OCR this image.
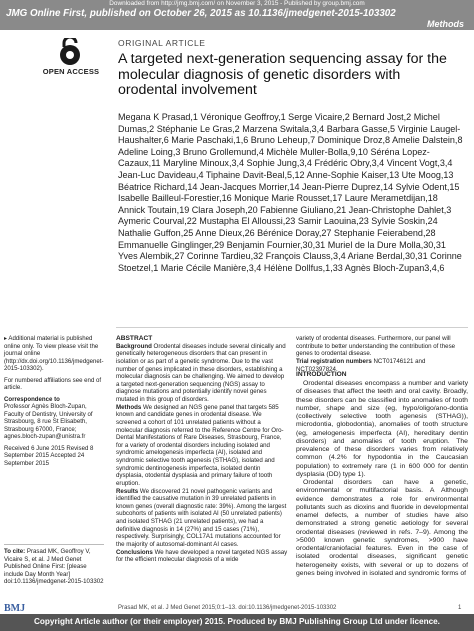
Downloaded from http://jmg.bmj.com/ on November 3, 2015 - Published by group.bmj.com
JMG Online First, published on October 26, 2015 as 10.1136/jmedgenet-2015-103302
Methods
OPEN ACCESS
ORIGINAL ARTICLE
A targeted next-generation sequencing assay for the molecular diagnosis of genetic disorders with orodental involvement
Megana K Prasad,1 Véronique Geoffroy,1 Serge Vicaire,2 Bernard Jost,2 Michel Dumas,2 Stéphanie Le Gras,2 Marzena Switala,3,4 Barbara Gasse,5 Virginie Laugel-Haushalter,6 Marie Paschaki,1,6 Bruno Leheup,7 Dominique Droz,8 Amelie Dalstein,8 Adeline Loing,3 Bruno Grollemund,4 Michèle Muller-Bolla,9,10 Séréna Lopez-Cazaux,11 Maryline Minoux,3,4 Sophie Jung,3,4 Frédéric Obry,3,4 Vincent Vogt,3,4 Jean-Luc Davideau,4 Tiphaine Davit-Beal,5,12 Anne-Sophie Kaiser,13 Ute Moog,13 Béatrice Richard,14 Jean-Jacques Morrier,14 Jean-Pierre Duprez,14 Sylvie Odent,15 Isabelle Bailleul-Forestier,16 Monique Marie Rousset,17 Laure Merametdijan,18 Annick Toutain,19 Clara Joseph,20 Fabienne Giuliano,21 Jean-Christophe Dahlet,3 Aymeric Courval,22 Mustapha El Alloussi,23 Samir Laouina,23 Sylvie Soskin,24 Nathalie Guffon,25 Anne Dieux,26 Bérénice Doray,27 Stephanie Feierabend,28 Emmanuelle Ginglinger,29 Benjamin Fournier,30,31 Muriel de la Dure Molla,30,31 Yves Alembik,27 Corinne Tardieu,32 François Clauss,3,4 Ariane Berdal,30,31 Corinne Stoetzel,1 Marie Cécile Manière,3,4 Hélène Dollfus,1,33 Agnès Bloch-Zupan3,4,6

▸ Additional material is published online only. To view please visit the journal online (http://dx.doi.org/10.1136/jmedgenet-2015-103302).

For numbered affiliations see end of article.

Correspondence to

Professor Agnès Bloch-Zupan, Faculty of Dentistry, University of Strasbourg, 8 rue St Elisabeth, Strasbourg 67000, France; agnes.bloch-zupan@unistra.fr

Received 6 June 2015 Revised 8 September 2015 Accepted 24 September 2015

To cite: Prasad MK, Geoffroy V, Vicaire S, et al. J Med Genet Published Online First: [please include Day Month Year] doi:10.1136/jmedgenet-2015-103302
ABSTRACT
Background Orodental diseases include several clinically and genetically heterogeneous disorders that can present in isolation or as part of a genetic syndrome. Due to the vast number of genes implicated in these disorders, establishing a molecular diagnosis can be challenging. We aimed to develop a targeted next-generation sequencing (NGS) assay to diagnose mutations and potentially identify novel genes mutated in this group of disorders.
Methods We designed an NGS gene panel that targets 585 known and candidate genes in orodental disease. We screened a cohort of 101 unrelated patients without a molecular diagnosis referred to the Reference Centre for Oro-Dental Manifestations of Rare Diseases, Strasbourg, France, for a variety of orodental disorders including isolated and syndromic amelogenesis imperfecta (AI), isolated and syndromic selective tooth agenesis (STHAG), isolated and syndromic dentinogenesis imperfecta, isolated dentin dysplasia, otodental dysplasia and primary failure of tooth eruption.
Results We discovered 21 novel pathogenic variants and identified the causative mutation in 39 unrelated patients in known genes (overall diagnostic rate: 39%). Among the largest subcohorts of patients with isolated AI (50 unrelated patients) and isolated STHAG (21 unrelated patients), we had a definitive diagnosis in 14 (27%) and 15 cases (71%), respectively. Surprisingly, COL17A1 mutations accounted for the majority of autosomal-dominant AI cases.
Conclusions We have developed a novel targeted NGS assay for the efficient molecular diagnosis of a wide
variety of orodental diseases. Furthermore, our panel will contribute to better understanding the contribution of these genes to orodental disease.
Trial registration numbers NCT01746121 and NCT02397824.
INTRODUCTION

Orodental diseases encompass a number and variety of diseases that affect the teeth and oral cavity. Broadly, these disorders can be classified into anomalies of tooth number, shape and size (eg, hypo/oligo/ano-dontia (collectively selective tooth agenesis (STHAG)), microdontia, globodontia), anomalies of tooth structure (eg, amelogenesis imperfecta (AI), hereditary dentin disorders) and anomalies of tooth eruption. The prevalence of these disorders varies from relatively common (4.2% for hypodontia in the Caucasian population) to extremely rare (1 in 600 000 for dentin dysplasia (DD) type 1).

Orodental disorders can have a genetic, environmental or multifactorial basis. A Although evidence demonstrates a role for environmental pollutants such as dioxins and fluoride in developmental enamel defects, a number of studies have also demonstrated a strong genetic aetiology for several orodental diseases (reviewed in refs. 7–9). Among the >5000 known genetic syndromes, >900 have orodental/craniofacial features. Even in the case of isolated orodental diseases, significant genetic heterogeneity exists, with several or up to dozens of genes being involved in isolated and syndromic forms of

BMJ	Prasad MK, et al. J Med Genet 2015;0:1–13. doi:10.1136/jmedgenet-2015-103302	1
Copyright Article author (or their employer) 2015. Produced by BMJ Publishing Group Ltd under licence.
